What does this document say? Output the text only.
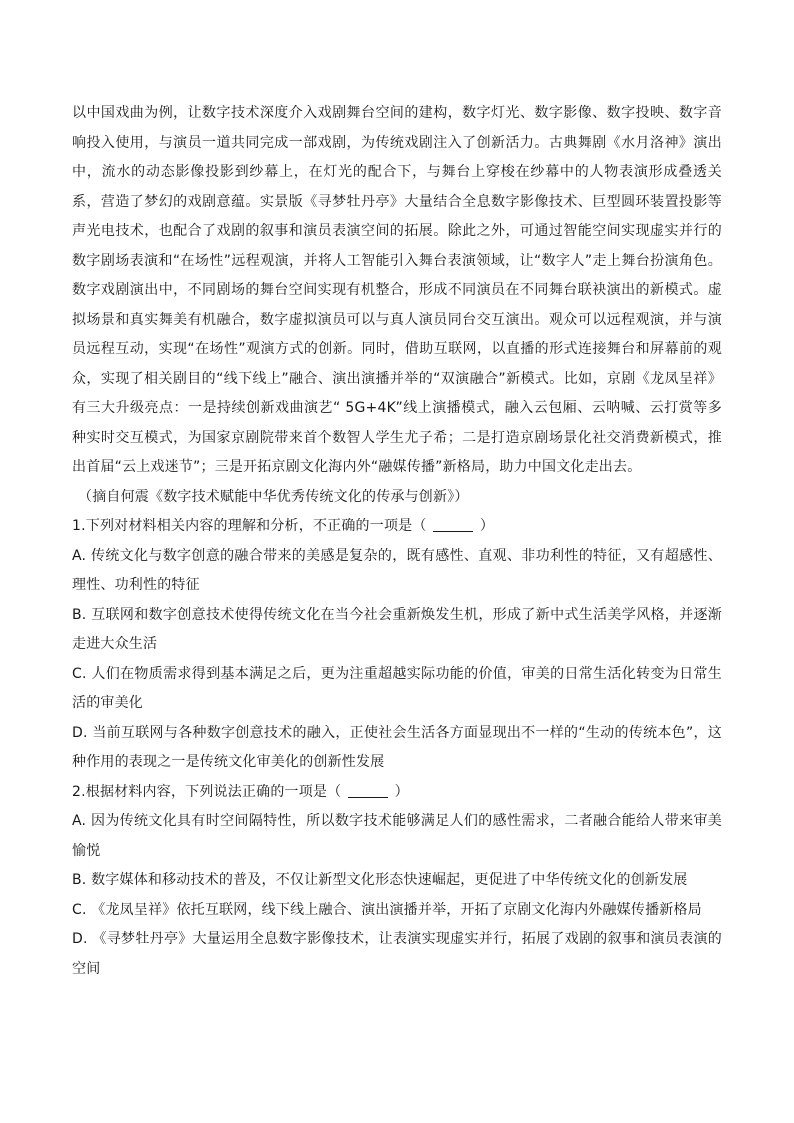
以中国戏曲为例，让数字技术深度介入戏剧舞台空间的建构，数字灯光、数字影像、数字投映、数字音响投入使用，与演员一道共同完成一部戏剧，为传统戏剧注入了创新活力。古典舞剧《水月洛神》演出中，流水的动态影像投影到纱幕上，在灯光的配合下，与舞台上穿梭在纱幕中的人物表演形成叠透关系，营造了梦幻的戏剧意蕴。实景版《寻梦牡丹亭》大量结合全息数字影像技术、巨型圆环装置投影等声光电技术，也配合了戏剧的叙事和演员表演空间的拓展。除此之外，可通过智能空间实现虚实并行的数字剧场表演和“在场性”远程观演，并将人工智能引入舞台表演领域，让“数字人”走上舞台扮演角色。数字戏剧演出中，不同剧场的舞台空间实现有机整合，形成不同演员在不同舞台联袂演出的新模式。虚拟场景和真实舞美有机融合，数字虚拟演员可以与真人演员同台交互演出。观众可以远程观演，并与演员远程互动，实现“在场性”观演方式的创新。同时，借助互联网，以直播的形式连接舞台和屏幕前的观众，实现了相关剧目的“线下线上”融合、演出演播并举的“双演融合”新模式。比如，京剧《龙凤呈祥》有三大升级亮点：一是持续创新戏曲演艺“ 5G+4K”线上演播模式，融入云包厢、云呐喊、云打赏等多种实时交互模式，为国家京剧院带来首个数智人学生尤子希；二是打造京剧场景化社交消费新模式，推出首届“云上戏迷节”；三是开拓京剧文化海内外“融媒传播”新格局，助力中国文化走出去。

（摘自何震《数字技术赋能中华优秀传统文化的传承与创新》）

1.下列对材料相关内容的理解和分析，不正确的一项是（	）

A. 传统文化与数字创意的融合带来的美感是复杂的，既有感性、直观、非功利性的特征，又有超感性、理性、功利性的特征

B. 互联网和数字创意技术使得传统文化在当今社会重新焕发生机，形成了新中式生活美学风格，并逐渐走进大众生活

C. 人们在物质需求得到基本满足之后，更为注重超越实际功能的价值，审美的日常生活化转变为日常生活的审美化

D. 当前互联网与各种数字创意技术的融入，正使社会生活各方面显现出不一样的“生动的传统本色”，这种作用的表现之一是传统文化审美化的创新性发展

2.根据材料内容，下列说法正确的一项是（	）

A. 因为传统文化具有时空间隔特性，所以数字技术能够满足人们的感性需求，二者融合能给人带来审美愉悦

B. 数字媒体和移动技术的普及，不仅让新型文化形态快速崛起，更促进了中华传统文化的创新发展

C. 《龙凤呈祥》依托互联网，线下线上融合、演出演播并举，开拓了京剧文化海内外融媒传播新格局

D. 《寻梦牡丹亭》大量运用全息数字影像技术，让表演实现虚实并行，拓展了戏剧的叙事和演员表演的空间
